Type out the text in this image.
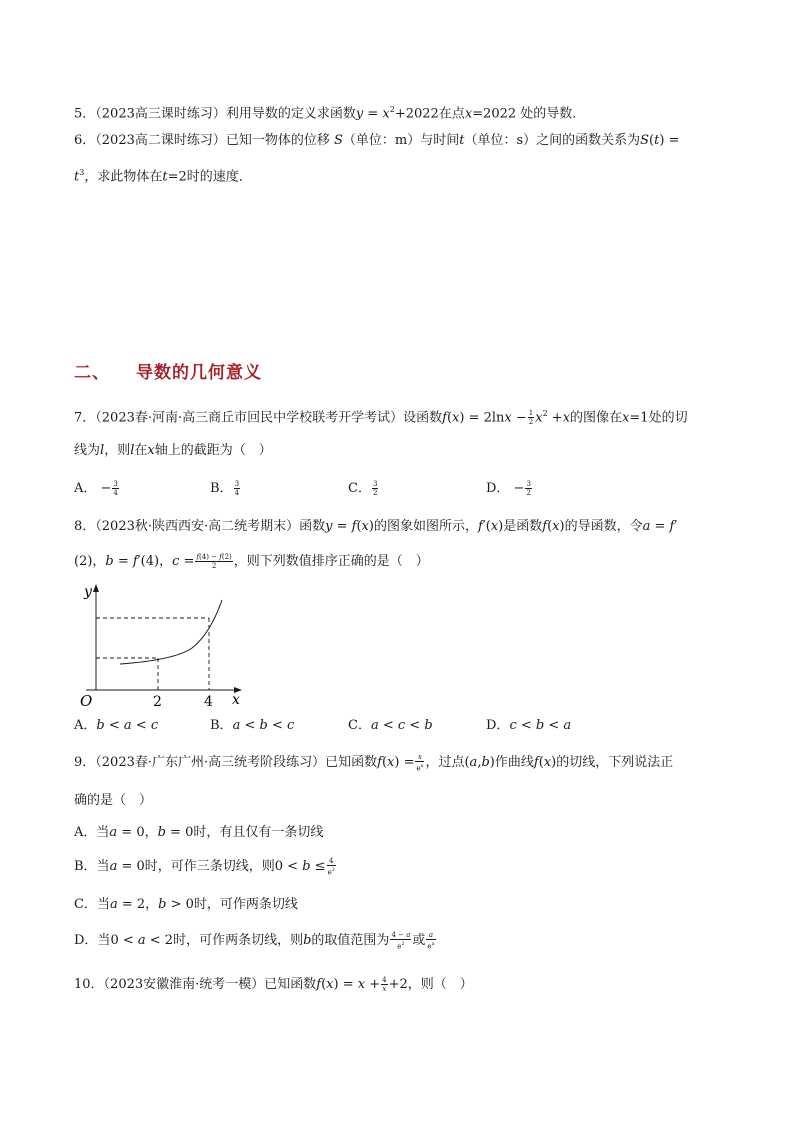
5．（2023高三课时练习）利用导数的定义求函数$y = x^2+2022$在点x=2022 处的导数．
6．（2023高二课时练习）已知一物体的位移 S（单位：m）与时间t（单位：s）之间的函数关系为S(t) =
$t^3$，求此物体在t=2时的速度．
二、 导数的几何意义
7．（2023春·河南·高三商丘市回民中学校联考开学考试）设函数$f(x) = 2\ln x - \frac{1}{2} x^2 +x$的图像在x=1处的切
线为l，则l在x轴上的截距为（　）
A． − $\frac{3}{4}$	B． $\frac{3}{4}$	C． $\frac{3}{2}$	D． − $\frac{3}{2}$
8．（2023秋·陕西西安·高二统考期末）函数y = f(x)的图象如图所示，f′(x)是函数f(x)的导函数，令a = f′
(2)，b = f′(4)，$c = \frac{f(4) - f(2)}{2}$ ，则下列数值排序正确的是（　）
y
x
O	2	4
A．b < a < c	B．a < b < c	C．a < c < b	D．c < b < a
9．（2023春·广东广州·高三统考阶段练习）已知函数$f(x) = \frac{x}{e^x}$ ，过点(a,b)作曲线f(x)的切线，下列说法正
确的是（　）
A．当a = 0，b = 0时，有且仅有一条切线
B．当a = 0时，可作三条切线，则$0 < b \le \frac{4}{e^2}$
C．当a = 2，b > 0时，可作两条切线
D．当0 < a < 2时，可作两条切线，则b的取值范围为 $\frac{4 - a}{e^2}$ 或 $\frac{a}{e^a}$
10．（2023安徽淮南·统考一模）已知函数$f(x) = x + \frac{4}{x} +2$，则（　）
